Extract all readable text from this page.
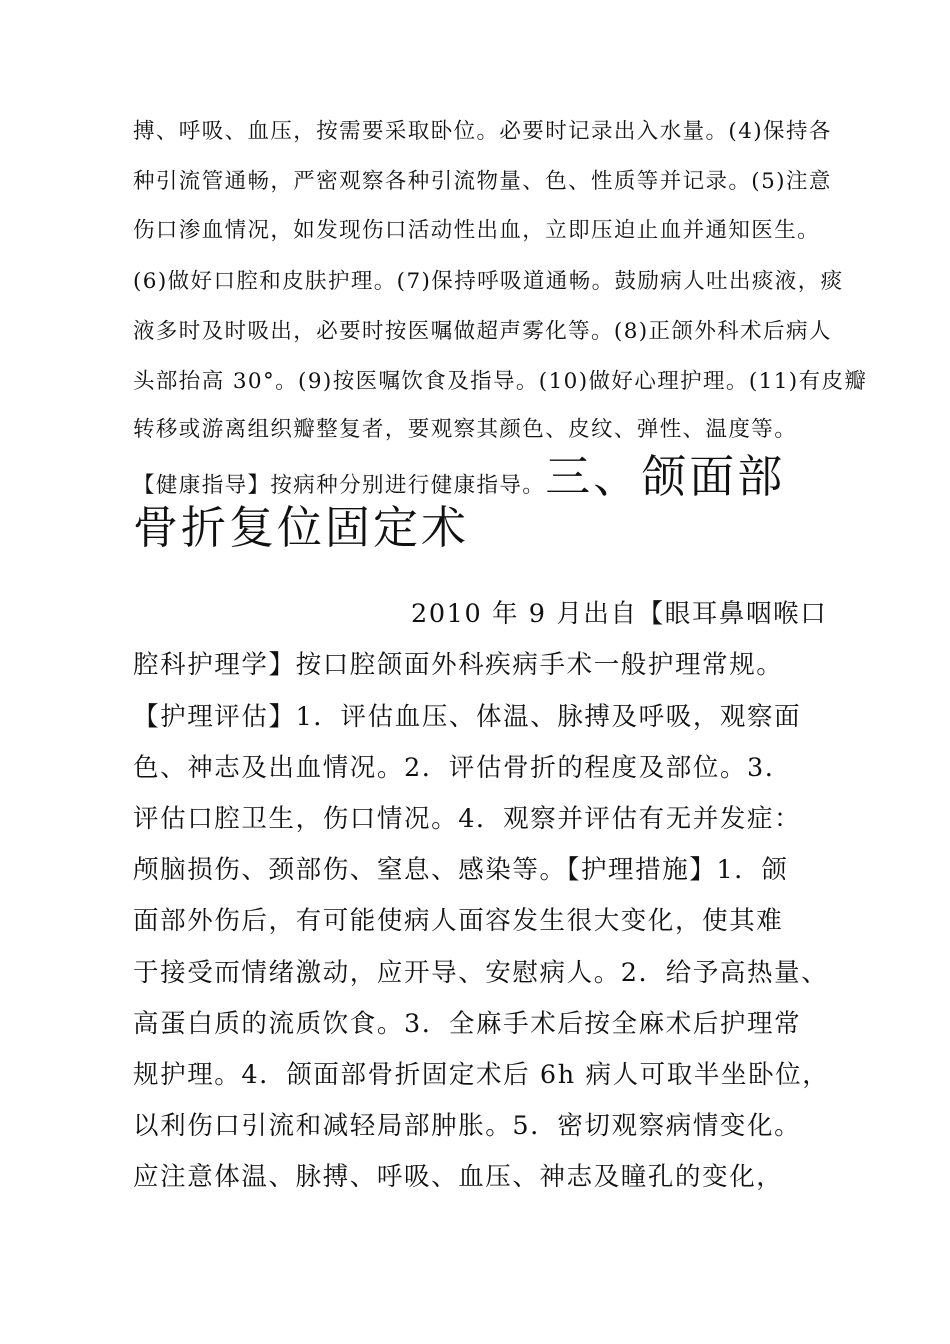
搏、呼吸、血压，按需要采取卧位。必要时记录出入水量。(4)保持各
种引流管通畅，严密观察各种引流物量、色、性质等并记录。(5)注意
伤口渗血情况，如发现伤口活动性出血，立即压迫止血并通知医生。
(6)做好口腔和皮肤护理。(7)保持呼吸道通畅。鼓励病人吐出痰液，痰
液多时及时吸出，必要时按医嘱做超声雾化等。(8)正颌外科术后病人
头部抬高 30°。(9)按医嘱饮食及指导。(10)做好心理护理。(11)有皮瓣
转移或游离组织瓣整复者，要观察其颜色、皮纹、弹性、温度等。
【健康指导】按病种分别进行健康指导。三、颌面部
骨折复位固定术
2010 年 9 月出自【眼耳鼻咽喉口
腔科护理学】按口腔颌面外科疾病手术一般护理常规。
【护理评估】1．评估血压、体温、脉搏及呼吸，观察面
色、神志及出血情况。2．评估骨折的程度及部位。3．
评估口腔卫生，伤口情况。4．观察并评估有无并发症：
颅脑损伤、颈部伤、窒息、感染等。【护理措施】1．颌
面部外伤后，有可能使病人面容发生很大变化，使其难
于接受而情绪激动，应开导、安慰病人。2．给予高热量、
高蛋白质的流质饮食。3．全麻手术后按全麻术后护理常
规护理。4．颌面部骨折固定术后 6h 病人可取半坐卧位，
以利伤口引流和减轻局部肿胀。5．密切观察病情变化。
应注意体温、脉搏、呼吸、血压、神志及瞳孔的变化，
